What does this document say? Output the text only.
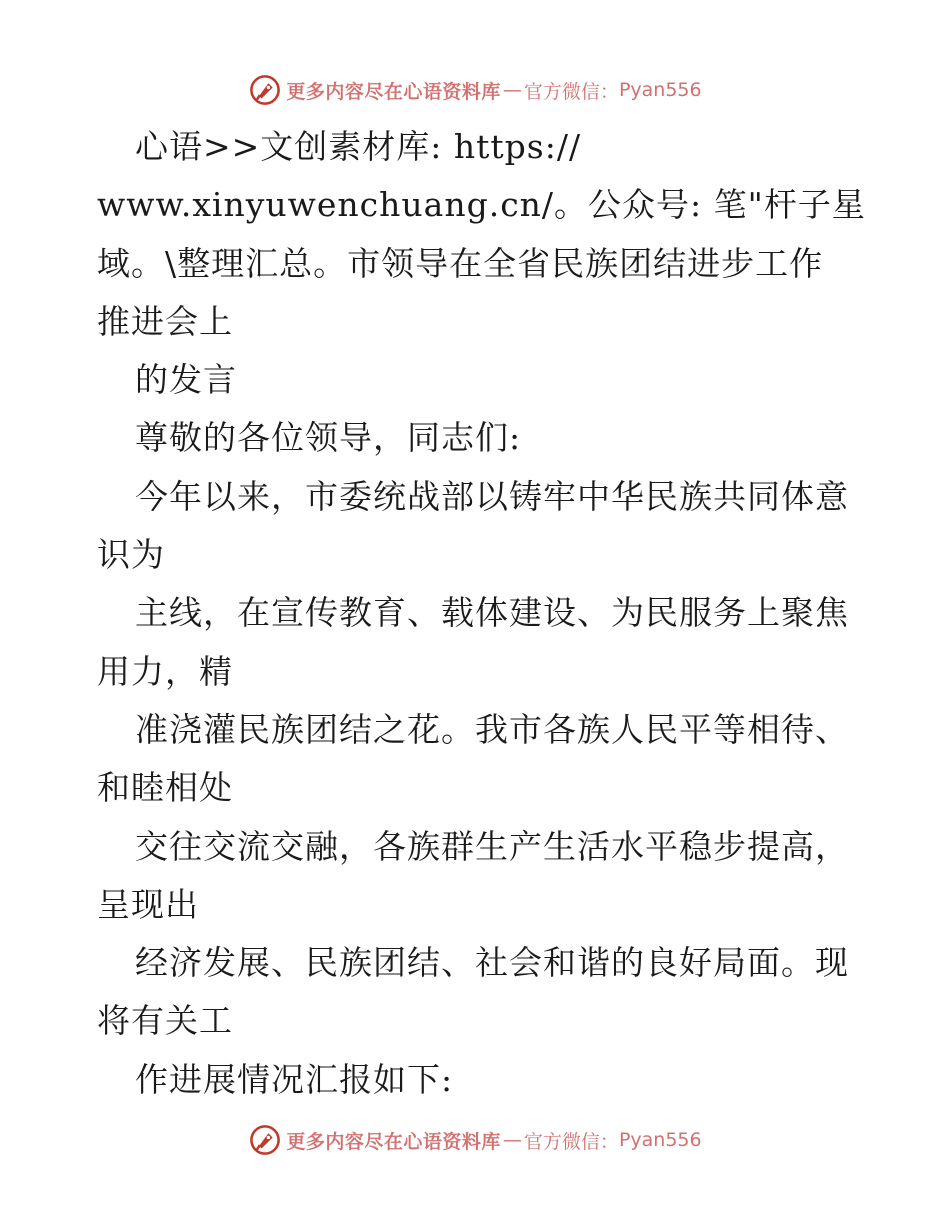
更多内容尽在心语资料库 — 官方微信： Pyan556
心语>>文创素材库: https://
www.xinyuwenchuang.cn/。公众号: 笔"杆子星
域。\整理汇总。市领导在全省民族团结进步工作
推进会上
的发言
尊敬的各位领导，同志们:
今年以来，市委统战部以铸牢中华民族共同体意
识为
主线，在宣传教育、载体建设、为民服务上聚焦
用力，精
准浇灌民族团结之花。我市各族人民平等相待、
和睦相处
交往交流交融，各族群生产生活水平稳步提高，
呈现出
经济发展、民族团结、社会和谐的良好局面。现
将有关工
作进展情况汇报如下:
更多内容尽在心语资料库 — 官方微信： Pyan556
